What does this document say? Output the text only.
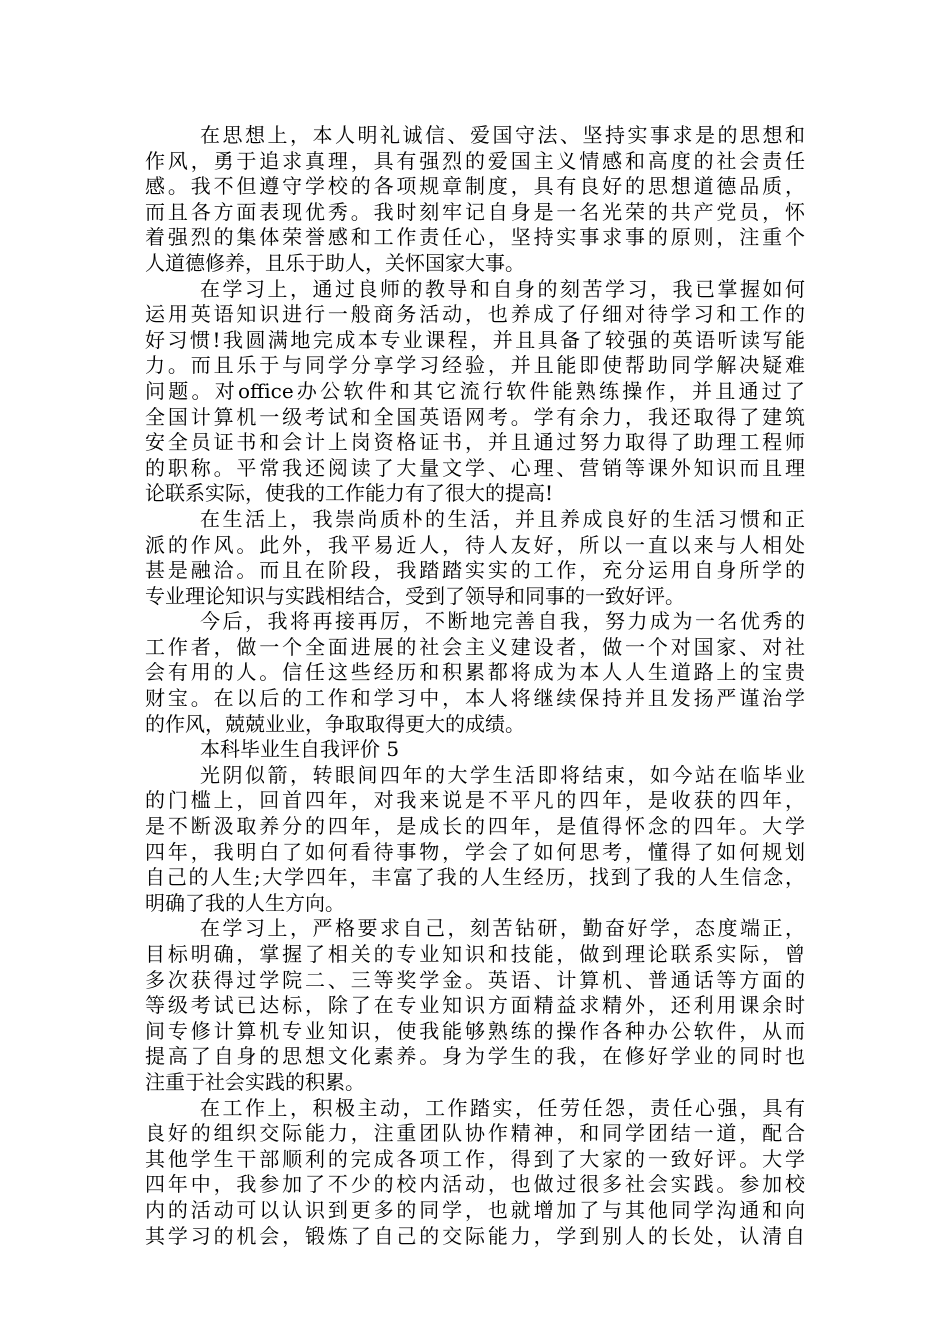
在思想上，本人明礼诚信、爱国守法、坚持实事求是的思想和
作风，勇于追求真理，具有强烈的爱国主义情感和高度的社会责任
感。我不但遵守学校的各项规章制度，具有良好的思想道德品质，
而且各方面表现优秀。我时刻牢记自身是一名光荣的共产党员，怀
着强烈的集体荣誉感和工作责任心，坚持实事求事的原则，注重个
人道德修养，且乐于助人，关怀国家大事。
在学习上，通过良师的教导和自身的刻苦学习，我已掌握如何
运用英语知识进行一般商务活动，也养成了仔细对待学习和工作的
好习惯!我圆满地完成本专业课程，并且具备了较强的英语听读写能
力。而且乐于与同学分享学习经验，并且能即使帮助同学解决疑难
问题。对office办公软件和其它流行软件能熟练操作，并且通过了
全国计算机一级考试和全国英语网考。学有余力，我还取得了建筑
安全员证书和会计上岗资格证书，并且通过努力取得了助理工程师
的职称。平常我还阅读了大量文学、心理、营销等课外知识而且理
论联系实际，使我的工作能力有了很大的提高!
在生活上，我崇尚质朴的生活，并且养成良好的生活习惯和正
派的作风。此外，我平易近人，待人友好，所以一直以来与人相处
甚是融洽。而且在阶段，我踏踏实实的工作，充分运用自身所学的
专业理论知识与实践相结合，受到了领导和同事的一致好评。
今后，我将再接再厉，不断地完善自我，努力成为一名优秀的
工作者，做一个全面进展的社会主义建设者，做一个对国家、对社
会有用的人。信任这些经历和积累都将成为本人人生道路上的宝贵
财宝。在以后的工作和学习中，本人将继续保持并且发扬严谨治学
的作风，兢兢业业，争取取得更大的成绩。
本科毕业生自我评价 5
光阴似箭，转眼间四年的大学生活即将结束，如今站在临毕业
的门槛上，回首四年，对我来说是不平凡的四年，是收获的四年，
是不断汲取养分的四年，是成长的四年，是值得怀念的四年。大学
四年，我明白了如何看待事物，学会了如何思考，懂得了如何规划
自己的人生;大学四年，丰富了我的人生经历，找到了我的人生信念，
明确了我的人生方向。
在学习上，严格要求自己，刻苦钻研，勤奋好学，态度端正，
目标明确，掌握了相关的专业知识和技能，做到理论联系实际，曾
多次获得过学院二、三等奖学金。英语、计算机、普通话等方面的
等级考试已达标，除了在专业知识方面精益求精外，还利用课余时
间专修计算机专业知识，使我能够熟练的操作各种办公软件，从而
提高了自身的思想文化素养。身为学生的我，在修好学业的同时也
注重于社会实践的积累。
在工作上，积极主动，工作踏实，任劳任怨，责任心强，具有
良好的组织交际能力，注重团队协作精神，和同学团结一道，配合
其他学生干部顺利的完成各项工作，得到了大家的一致好评。大学
四年中，我参加了不少的校内活动，也做过很多社会实践。参加校
内的活动可以认识到更多的同学，也就增加了与其他同学沟通和向
其学习的机会，锻炼了自己的交际能力，学到别人的长处，认清自
